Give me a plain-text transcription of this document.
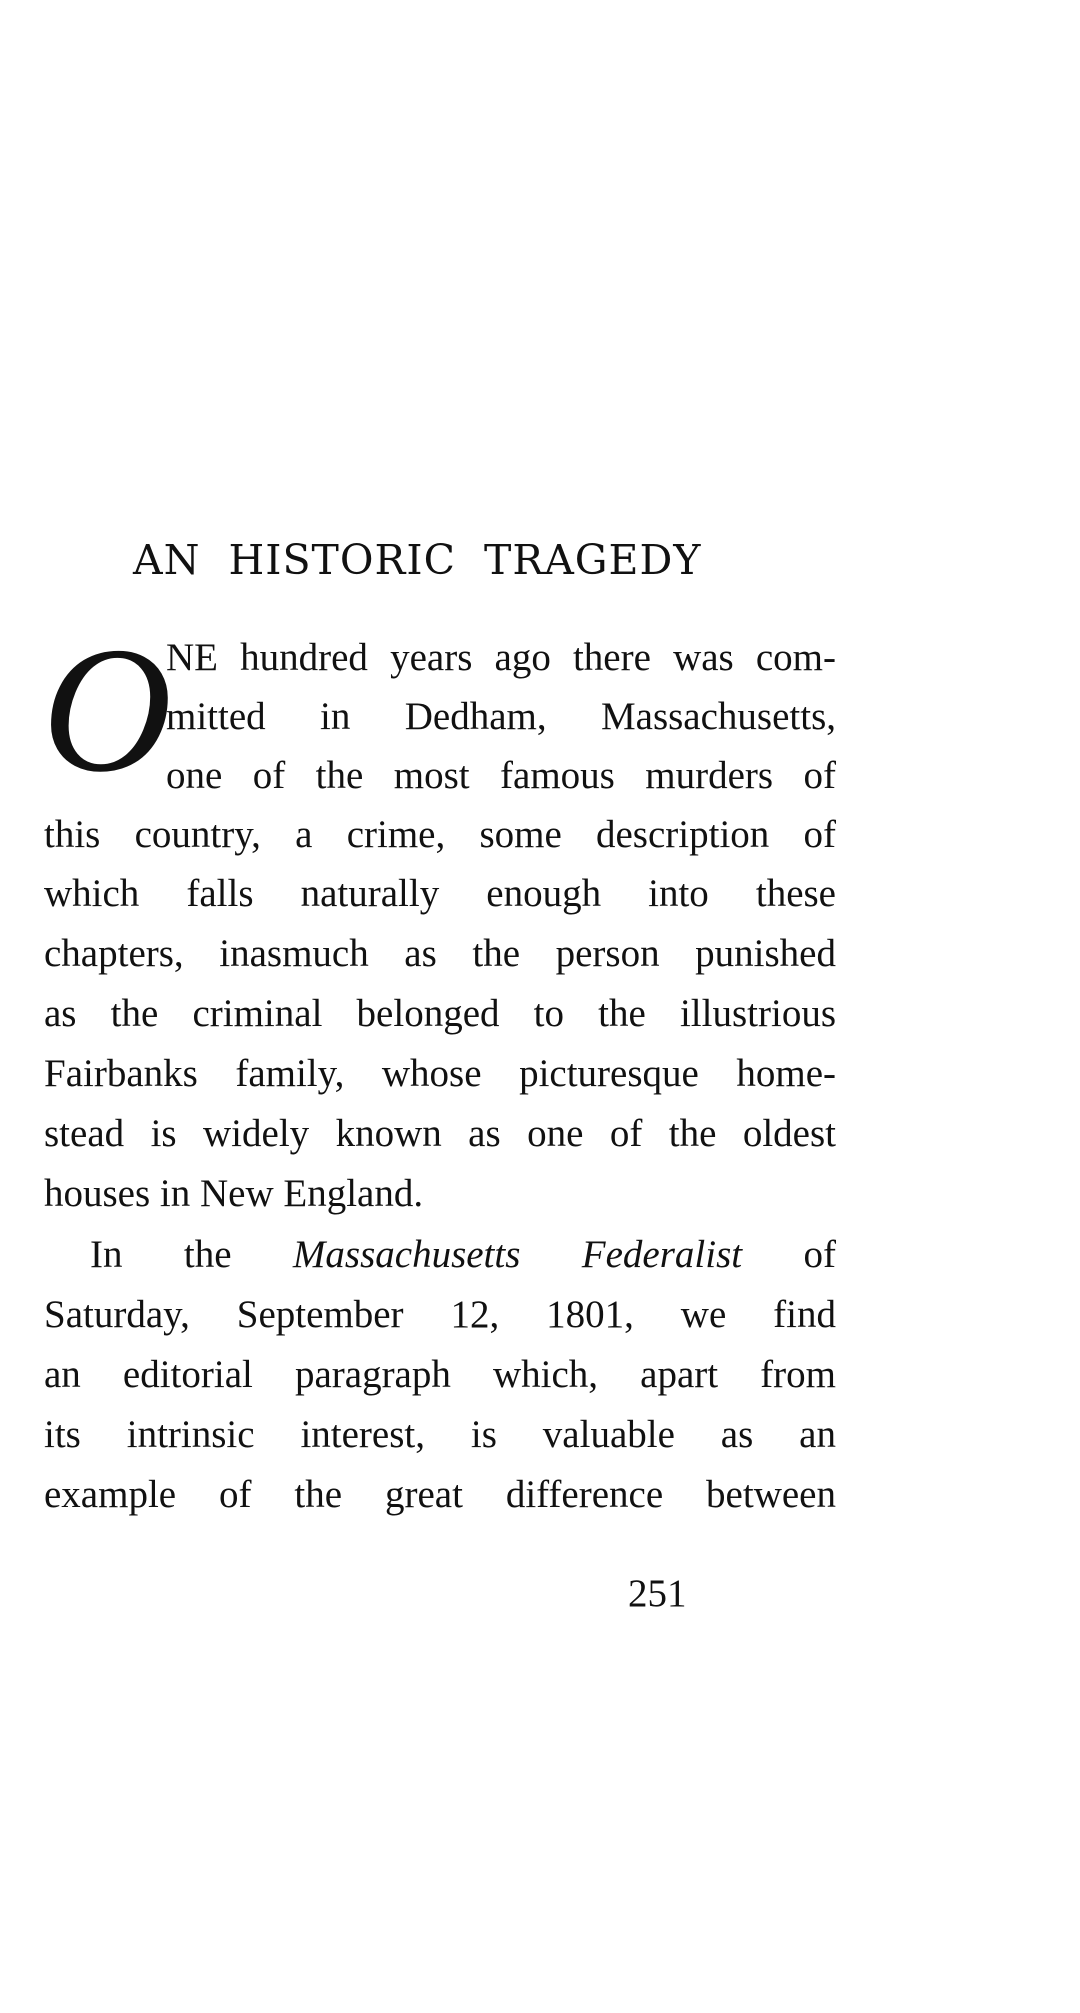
AN HISTORIC TRAGEDY
O
NE hundred years ago there was com-
mitted in Dedham, Massachusetts,
one of the most famous murders of
this country, a crime, some description of
which falls naturally enough into these
chapters, inasmuch as the person punished
as the criminal belonged to the illustrious
Fairbanks family, whose picturesque home-
stead is widely known as one of the oldest
houses in New England.
In the Massachusetts Federalist of
Saturday, September 12, 1801, we find
an editorial paragraph which, apart from
its intrinsic interest, is valuable as an
example of the great difference between
251
